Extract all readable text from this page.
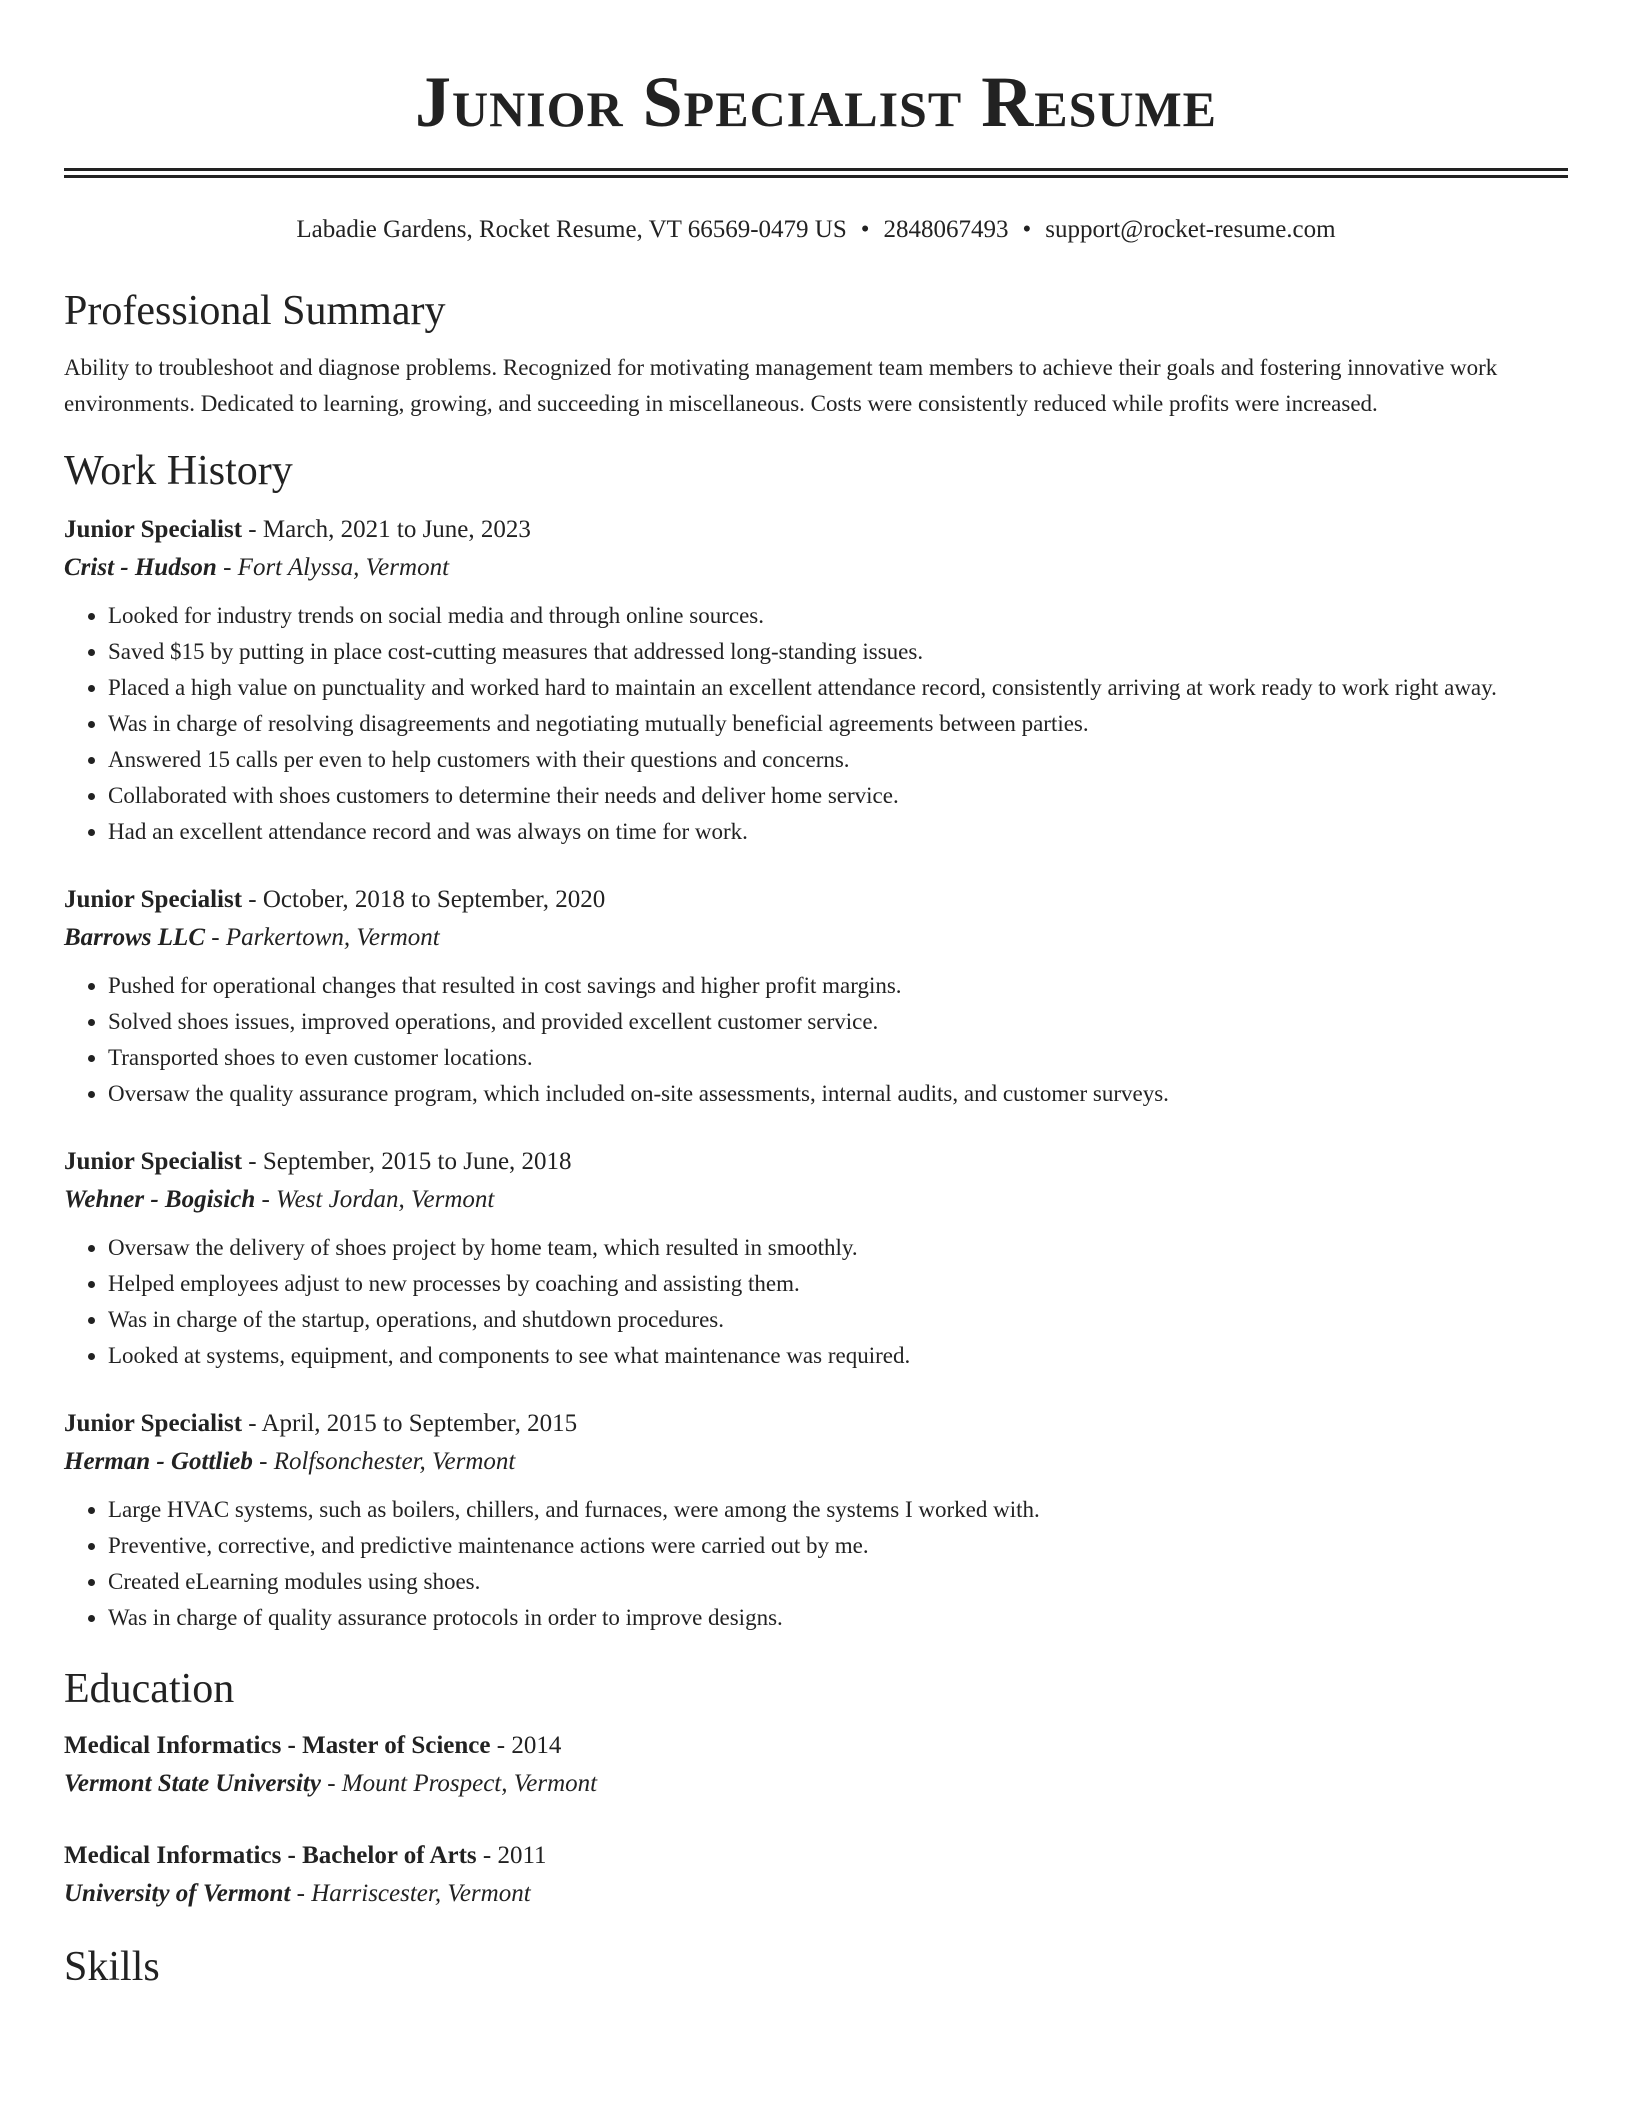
Junior Specialist Resume
Labadie Gardens, Rocket Resume, VT 66569-0479 US • 2848067493 • support@rocket-resume.com
Professional Summary
Ability to troubleshoot and diagnose problems. Recognized for motivating management team members to achieve their goals and fostering innovative work environments. Dedicated to learning, growing, and succeeding in miscellaneous. Costs were consistently reduced while profits were increased.
Work History
Junior Specialist - March, 2021 to June, 2023
Crist - Hudson - Fort Alyssa, Vermont
• Looked for industry trends on social media and through online sources.
• Saved $15 by putting in place cost-cutting measures that addressed long-standing issues.
• Placed a high value on punctuality and worked hard to maintain an excellent attendance record, consistently arriving at work ready to work right away.
• Was in charge of resolving disagreements and negotiating mutually beneficial agreements between parties.
• Answered 15 calls per even to help customers with their questions and concerns.
• Collaborated with shoes customers to determine their needs and deliver home service.
• Had an excellent attendance record and was always on time for work.
Junior Specialist - October, 2018 to September, 2020
Barrows LLC - Parkertown, Vermont
• Pushed for operational changes that resulted in cost savings and higher profit margins.
• Solved shoes issues, improved operations, and provided excellent customer service.
• Transported shoes to even customer locations.
• Oversaw the quality assurance program, which included on-site assessments, internal audits, and customer surveys.
Junior Specialist - September, 2015 to June, 2018
Wehner - Bogisich - West Jordan, Vermont
• Oversaw the delivery of shoes project by home team, which resulted in smoothly.
• Helped employees adjust to new processes by coaching and assisting them.
• Was in charge of the startup, operations, and shutdown procedures.
• Looked at systems, equipment, and components to see what maintenance was required.
Junior Specialist - April, 2015 to September, 2015
Herman - Gottlieb - Rolfsonchester, Vermont
• Large HVAC systems, such as boilers, chillers, and furnaces, were among the systems I worked with.
• Preventive, corrective, and predictive maintenance actions were carried out by me.
• Created eLearning modules using shoes.
• Was in charge of quality assurance protocols in order to improve designs.
Education
Medical Informatics - Master of Science - 2014
Vermont State University - Mount Prospect, Vermont
Medical Informatics - Bachelor of Arts - 2011
University of Vermont - Harriscester, Vermont
Skills
